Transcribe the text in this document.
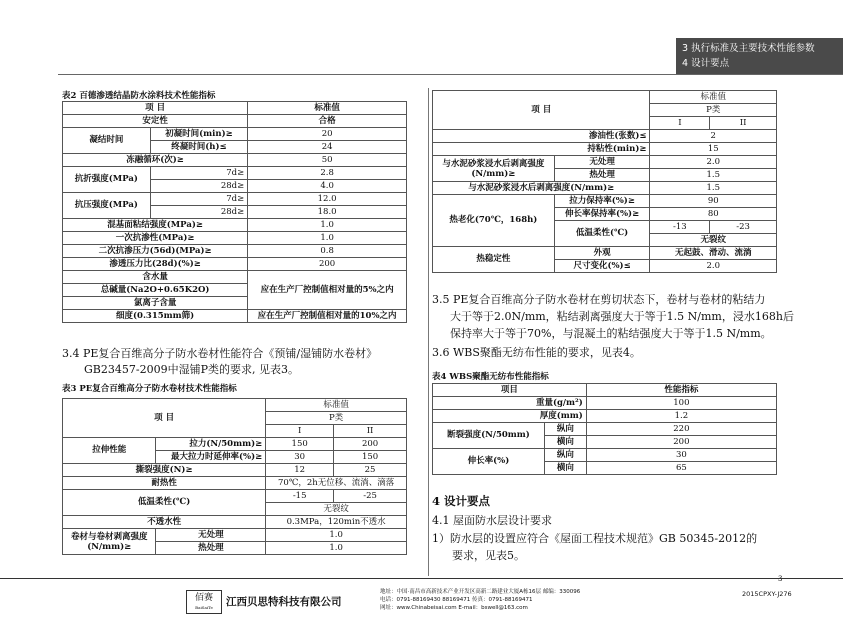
3 执行标准及主要技术性能参数
4 设计要点
表2 百德渗透结晶防水涂料技术性能指标
项 目		标准值
安定性		合格
凝结时间	初凝时间(min)≥	20
	终凝时间(h)≤	24
冻融循环(次)≥		50
抗折强度(MPa)	7d≥	2.8
	28d≥	4.0
抗压强度(MPa)	7d≥	12.0
	28d≥	18.0
混基面粘结强度(MPa)≥		1.0
一次抗渗性(MPa)≥		1.0
二次抗渗压力(56d)(MPa)≥		0.8
渗透压力比(28d)(%)≥		200
含水量		应在生产厂控制值相对量的5%之内
总碱量(Na2O+0.65K2O)		
氯离子含量		
细度(0.315mm筛)		应在生产厂控制值相对量的10%之内
3.4 PE复合百维高分子防水卷材性能符合《预铺/湿铺防水卷材》
GB23457-2009中湿铺P类的要求, 见表3。
表3 PE复合百维高分子防水卷材技术性能指标
项 目		标准值	
		P类	
		I	II
拉伸性能	拉力(N/50mm)≥	150	200
	最大拉力时延伸率(%)≥	30	150
撕裂强度(N)≥		12	25
耐热性		70℃，2h无位移、流淌、滴落	
低温柔性(℃)		-15	-25
		无裂纹	
不透水性		0.3MPa，120min不透水	
卷材与卷材剥离强度(N/mm)≥	无处理	1.0	
	热处理	1.0	
项 目		标准值	
		P类	
		I	II
渗油性(张数)≤		2	
持粘性(min)≥		15	
与水泥砂浆浸水后剥离强度(N/mm)≥	无处理	2.0	
	热处理	1.5	
与水泥砂浆浸水后剥离强度(N/mm)≥		1.5	
热老化(70℃，168h)	拉力保持率(%)≥	90	
	伸长率保持率(%)≥	80	
	低温柔性(℃)	-13	-23
		无裂纹	
热稳定性	外观	无起鼓、滑动、流淌	
	尺寸变化(%)≤	2.0	
3.5 PE复合百维高分子防水卷材在剪切状态下，卷材与卷材的粘结力
大于等于2.0N/mm，粘结剥离强度大于等于1.5 N/mm，浸水168h后
保持率大于等于70%，与混凝土的粘结强度大于等于1.5 N/mm。
3.6 WBS聚酯无纺布性能的要求，见表4。
表4 WBS聚酯无纺布性能指标
项目		性能指标
重量(g/m²)		100
厚度(mm)		1.2
断裂强度(N/50mm)	纵向	220
	横向	200
伸长率(%)	纵向	30
	横向	65
4 设计要点
4.1 屋面防水层设计要求
1）防水层的设置应符合《屋面工程技术规范》GB 50345-2012的
要求，见表5。
3
佰赛
BaiSaiTe	江西贝思特科技有限公司
地址：中国·南昌市高新技术产业开发区高新二路建业大厦A栋16层 邮编：330096
电话：0791-88169430 88169471 传真：0791-88169471
网址：www.Chinabeisai.com E-mail：bswell@163.com
2015CPXY-J276
